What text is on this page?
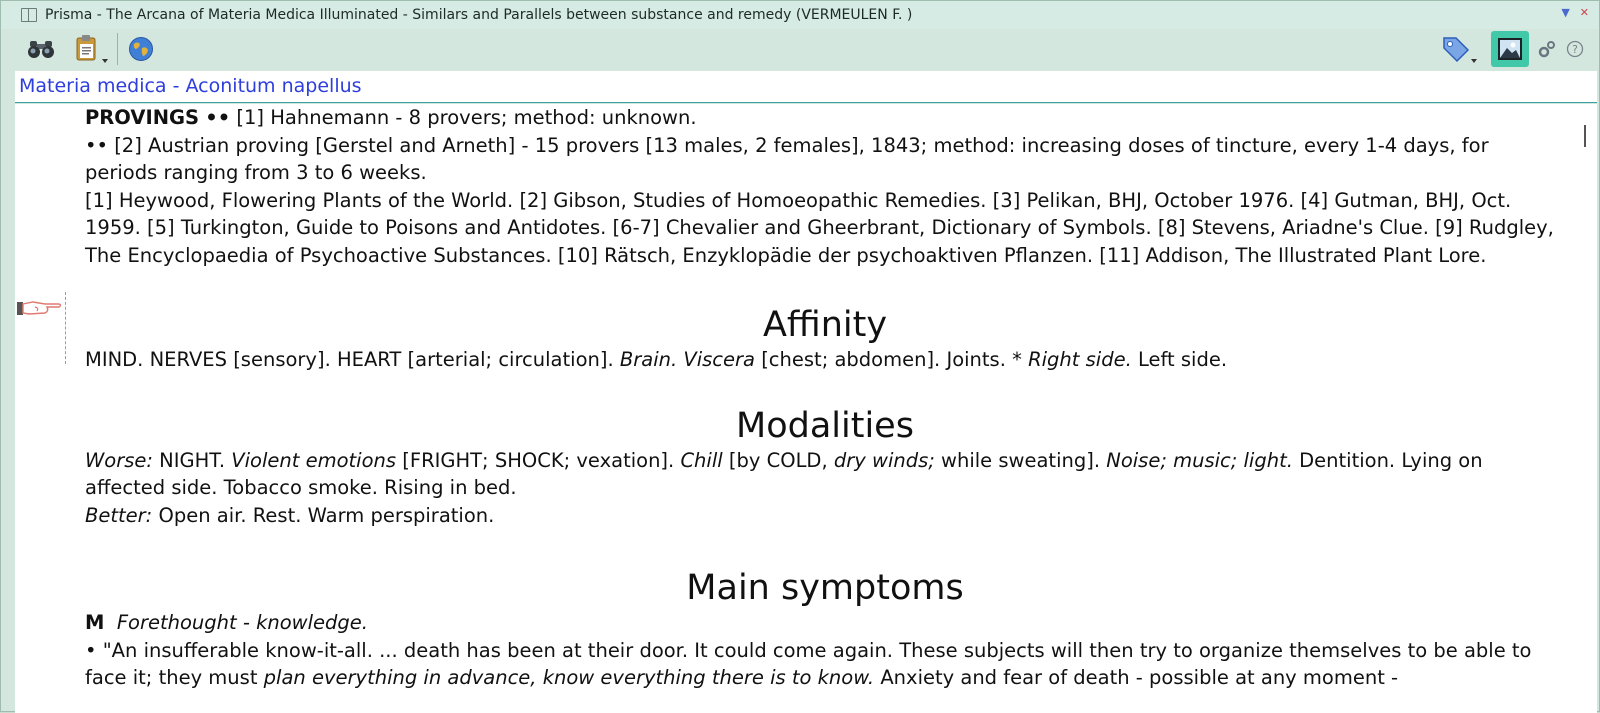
Prisma - The Arcana of Materia Medica Illuminated - Similars and Parallels between substance and remedy (VERMEULEN F. )	▼ ✕
?
Materia medica - Aconitum napellus

PROVINGS •• [1] Hahnemann - 8 provers; method: unknown.

•• [2] Austrian proving [Gerstel and Arneth] - 15 provers [13 males, 2 females], 1843; method: increasing doses of tincture, every 1-4 days, for periods ranging from 3 to 6 weeks.

[1] Heywood, Flowering Plants of the World. [2] Gibson, Studies of Homoeopathic Remedies. [3] Pelikan, BHJ, October 1976. [4] Gutman, BHJ, Oct. 1959. [5] Turkington, Guide to Poisons and Antidotes. [6-7] Chevalier and Gheerbrant, Dictionary of Symbols. [8] Stevens, Ariadne's Clue. [9] Rudgley, The Encyclopaedia of Psychoactive Substances. [10] Rätsch, Enzyklopädie der psychoaktiven Pflanzen. [11] Addison, The Illustrated Plant Lore.

Affinity

MIND. NERVES [sensory]. HEART [arterial; circulation]. Brain. Viscera [chest; abdomen]. Joints. * Right side. Left side.

Modalities

Worse: NIGHT. Violent emotions [FRIGHT; SHOCK; vexation]. Chill [by COLD, dry winds; while sweating]. Noise; music; light. Dentition. Lying on affected side. Tobacco smoke. Rising in bed.

Better: Open air. Rest. Warm perspiration.

Main symptoms

M Forethought - knowledge.

• "An insufferable know-it-all. ... death has been at their door. It could come again. These subjects will then try to organize themselves to be able to face it; they must plan everything in advance, know everything there is to know. Anxiety and fear of death - possible at any moment -
